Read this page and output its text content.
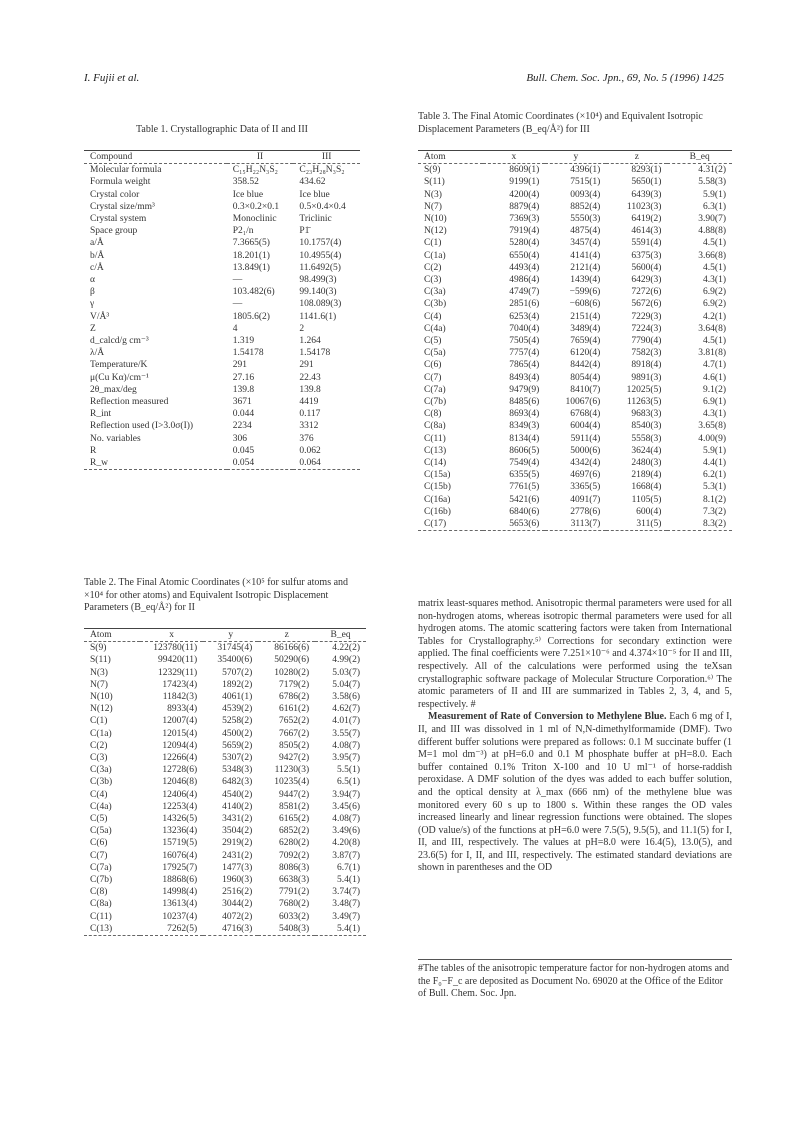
I. Fujii et al.	Bull. Chem. Soc. Jpn., 69, No. 5 (1996) 1425
Table 1. Crystallographic Data of II and III
Compound	II	III
Molecular formula	C₁₅H₂₂N₃S₂	C₂₃H₂₈N₃S₂
Formula weight	358.52	434.62
Crystal color	Ice blue	Ice blue
Crystal size/mm³	0.3×0.2×0.1	0.5×0.4×0.4
Crystal system	Monoclinic	Triclinic
Space group	P2₁/n	P1̄
a/Å	7.3665(5)	10.1757(4)
b/Å	18.201(1)	10.4955(4)
c/Å	13.849(1)	11.6492(5)
α	—	98.499(3)
β	103.482(6)	99.140(3)
γ	—	108.089(3)
V/Å³	1805.6(2)	1141.6(1)
Z	4	2
d_calcd/g cm⁻³	1.319	1.264
λ/Å	1.54178	1.54178
Temperature/K	291	291
μ(Cu Kα)/cm⁻¹	27.16	22.43
2θ_max/deg	139.8	139.8
Reflection measured	3671	4419
R_int	0.044	0.117
Reflection used (I>3.0σ(I))	2234	3312
No. variables	306	376
R	0.045	0.062
R_w	0.054	0.064
Table 2. The Final Atomic Coordinates (×10⁵ for sulfur atoms and ×10⁴ for other atoms) and Equivalent Isotropic Displacement Parameters (B_eq/Å²) for II
Atom	x	y	z	B_eq
S(9)	123780(11)	31745(4)	86166(6)	4.22(2)
S(11)	99420(11)	35400(6)	50290(6)	4.99(2)
N(3)	12329(11)	5707(2)	10280(2)	5.03(7)
N(7)	17423(4)	1892(2)	7179(2)	5.04(7)
N(10)	11842(3)	4061(1)	6786(2)	3.58(6)
N(12)	8933(4)	4539(2)	6161(2)	4.62(7)
C(1)	12007(4)	5258(2)	7652(2)	4.01(7)
C(1a)	12015(4)	4500(2)	7667(2)	3.55(7)
C(2)	12094(4)	5659(2)	8505(2)	4.08(7)
C(3)	12266(4)	5307(2)	9427(2)	3.95(7)
C(3a)	12728(6)	5348(3)	11230(3)	5.5(1)
C(3b)	12046(8)	6482(3)	10235(4)	6.5(1)
C(4)	12406(4)	4540(2)	9447(2)	3.94(7)
C(4a)	12253(4)	4140(2)	8581(2)	3.45(6)
C(5)	14326(5)	3431(2)	6165(2)	4.08(7)
C(5a)	13236(4)	3504(2)	6852(2)	3.49(6)
C(6)	15719(5)	2919(2)	6280(2)	4.20(8)
C(7)	16076(4)	2431(2)	7092(2)	3.87(7)
C(7a)	17925(7)	1477(3)	8086(3)	6.7(1)
C(7b)	18868(6)	1960(3)	6638(3)	5.4(1)
C(8)	14998(4)	2516(2)	7791(2)	3.74(7)
C(8a)	13613(4)	3044(2)	7680(2)	3.48(7)
C(11)	10237(4)	4072(2)	6033(2)	3.49(7)
C(13)	7262(5)	4716(3)	5408(3)	5.4(1)
Table 3. The Final Atomic Coordinates (×10⁴) and Equivalent Isotropic Displacement Parameters (B_eq/Å²) for III
Atom	x	y	z	B_eq
S(9)	8609(1)	4396(1)	8293(1)	4.31(2)
S(11)	9199(1)	7515(1)	5650(1)	5.58(3)
N(3)	4200(4)	0093(4)	6439(3)	5.9(1)
N(7)	8879(4)	8852(4)	11023(3)	6.3(1)
N(10)	7369(3)	5550(3)	6419(2)	3.90(7)
N(12)	7919(4)	4875(4)	4614(3)	4.88(8)
C(1)	5280(4)	3457(4)	5591(4)	4.5(1)
C(1a)	6550(4)	4141(4)	6375(3)	3.66(8)
C(2)	4493(4)	2121(4)	5600(4)	4.5(1)
C(3)	4986(4)	1439(4)	6429(3)	4.3(1)
C(3a)	4749(7)	−599(6)	7272(6)	6.9(2)
C(3b)	2851(6)	−608(6)	5672(6)	6.9(2)
C(4)	6253(4)	2151(4)	7229(3)	4.2(1)
C(4a)	7040(4)	3489(4)	7224(3)	3.64(8)
C(5)	7505(4)	7659(4)	7790(4)	4.5(1)
C(5a)	7757(4)	6120(4)	7582(3)	3.81(8)
C(6)	7865(4)	8442(4)	8918(4)	4.7(1)
C(7)	8493(4)	8054(4)	9891(3)	4.6(1)
C(7a)	9479(9)	8410(7)	12025(5)	9.1(2)
C(7b)	8485(6)	10067(6)	11263(5)	6.9(1)
C(8)	8693(4)	6768(4)	9683(3)	4.3(1)
C(8a)	8349(3)	6004(4)	8540(3)	3.65(8)
C(11)	8134(4)	5911(4)	5558(3)	4.00(9)
C(13)	8606(5)	5000(6)	3624(4)	5.9(1)
C(14)	7549(4)	4342(4)	2480(3)	4.4(1)
C(15a)	6355(5)	4697(6)	2189(4)	6.2(1)
C(15b)	7761(5)	3365(5)	1668(4)	5.3(1)
C(16a)	5421(6)	4091(7)	1105(5)	8.1(2)
C(16b)	6840(6)	2778(6)	600(4)	7.3(2)
C(17)	5653(6)	3113(7)	311(5)	8.3(2)

matrix least-squares method. Anisotropic thermal parameters were used for all non-hydrogen atoms, whereas isotropic thermal parameters were used for all hydrogen atoms. The atomic scattering factors were taken from International Tables for Crystallography.⁵⁾ Corrections for secondary extinction were applied. The final coefficients were 7.251×10⁻⁶ and 4.374×10⁻⁵ for II and III, respectively. All of the calculations were performed using the teXsan crystallographic software package of Molecular Structure Corporation.⁶⁾ The atomic parameters of II and III are summarized in Tables 2, 3, 4, and 5, respectively. #

Measurement of Rate of Conversion to Methylene Blue. Each 6 mg of I, II, and III was dissolved in 1 ml of N,N-dimethylformamide (DMF). Two different buffer solutions were prepared as follows: 0.1 M succinate buffer (1 M=1 mol dm⁻³) at pH=6.0 and 0.1 M phosphate buffer at pH=8.0. Each buffer contained 0.1% Triton X-100 and 10 U ml⁻¹ of horse-raddish peroxidase. A DMF solution of the dyes was added to each buffer solution, and the optical density at λ_max (666 nm) of the methylene blue was monitored every 60 s up to 1800 s. Within these ranges the OD vales increased linearly and linear regression functions were obtained. The slopes (OD value/s) of the functions at pH=6.0 were 7.5(5), 9.5(5), and 11.1(5) for I, II, and III, respectively. The values at pH=8.0 were 16.4(5), 13.0(5), and 23.6(5) for I, II, and III, respectively. The estimated standard deviations are shown in parentheses and the OD

#The tables of the anisotropic temperature factor for non-hydrogen atoms and the F₀−F_c are deposited as Document No. 69020 at the Office of the Editor of Bull. Chem. Soc. Jpn.
